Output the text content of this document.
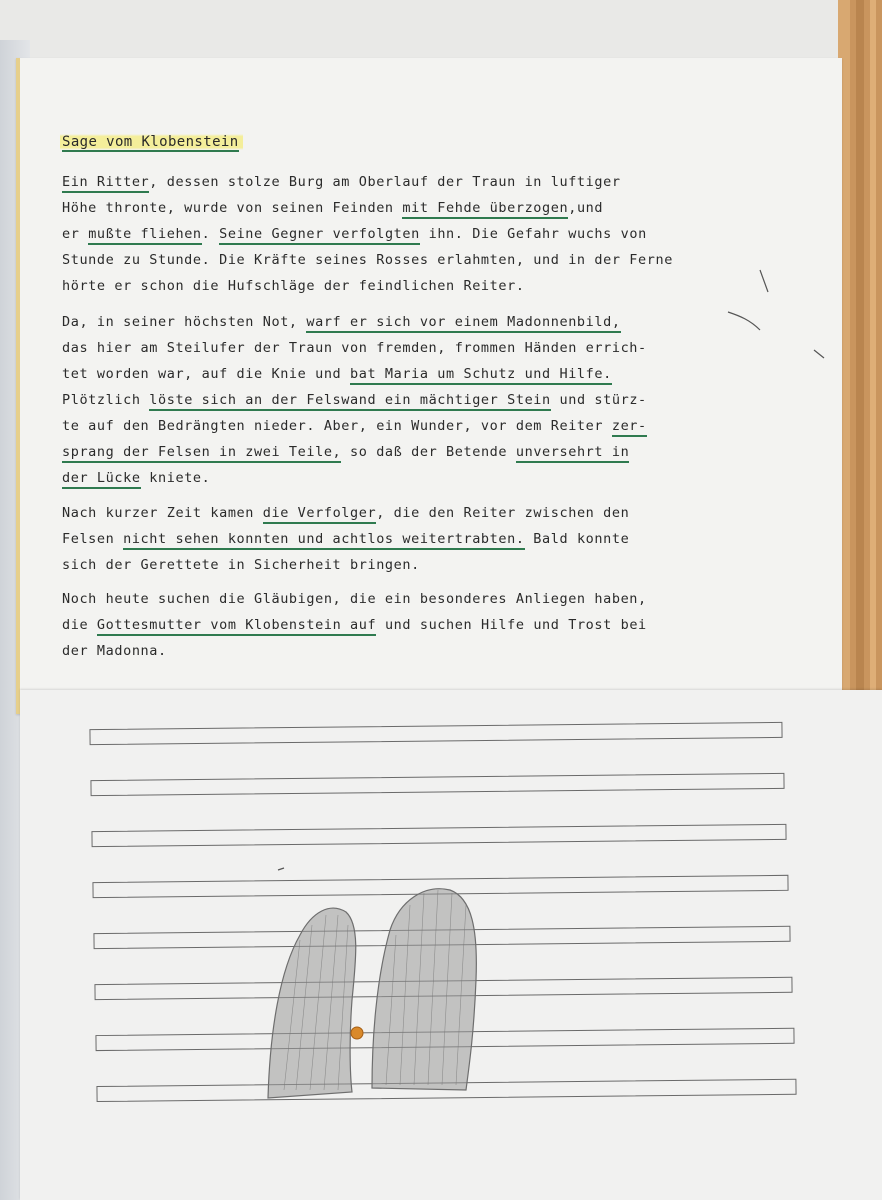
Sage vom Klobenstein

Ein Ritter, dessen stolze Burg am Oberlauf der Traun in luftiger
Höhe thronte, wurde von seinen Feinden mit Fehde überzogen,und
er mußte fliehen. Seine Gegner verfolgten ihn. Die Gefahr wuchs von
Stunde zu Stunde. Die Kräfte seines Rosses erlahmten, und in der Ferne
hörte er schon die Hufschläge der feindlichen Reiter.

Da, in seiner höchsten Not, warf er sich vor einem Madonnenbild,
das hier am Steilufer der Traun von fremden, frommen Händen errich-
tet worden war, auf die Knie und bat Maria um Schutz und Hilfe.
Plötzlich löste sich an der Felswand ein mächtiger Stein und stürz-
te auf den Bedrängten nieder. Aber, ein Wunder, vor dem Reiter zer-
sprang der Felsen in zwei Teile, so daß der Betende unversehrt in
der Lücke kniete.

Nach kurzer Zeit kamen die Verfolger, die den Reiter zwischen den
Felsen nicht sehen konnten und achtlos weitertrabten. Bald konnte
sich der Gerettete in Sicherheit bringen.

Noch heute suchen die Gläubigen, die ein besonderes Anliegen haben,
die Gottesmutter vom Klobenstein auf und suchen Hilfe und Trost bei
der Madonna.
